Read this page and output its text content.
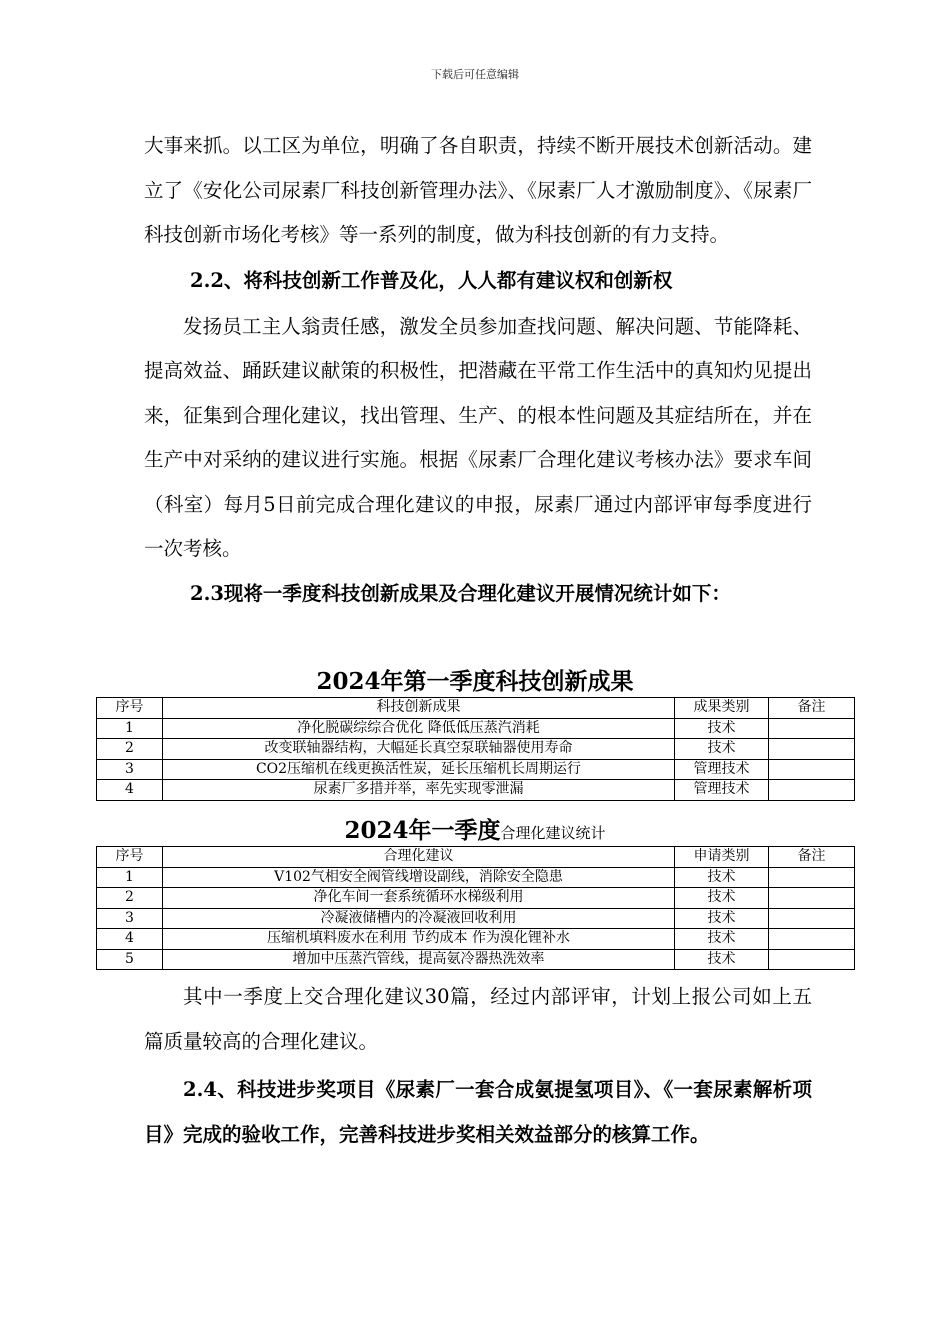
下载后可任意编辑

大事来抓。以工区为单位，明确了各自职责，持续不断开展技术创新活动。建立了《安化公司尿素厂科技创新管理办法》、《尿素厂人才激励制度》、《尿素厂科技创新市场化考核》等一系列的制度，做为科技创新的有力支持。

2.2、将科技创新工作普及化，人人都有建议权和创新权

发扬员工主人翁责任感，激发全员参加查找问题、解决问题、节能降耗、提高效益、踊跃建议献策的积极性，把潜藏在平常工作生活中的真知灼见提出来，征集到合理化建议，找出管理、生产、的根本性问题及其症结所在，并在生产中对采纳的建议进行实施。根据《尿素厂合理化建议考核办法》要求车间（科室）每月5日前完成合理化建议的申报，尿素厂通过内部评审每季度进行一次考核。

2.3现将一季度科技创新成果及合理化建议开展情况统计如下：

2024年第一季度科技创新成果
序号	科技创新成果	成果类别	备注
1	净化脱碳综综合优化 降低低压蒸汽消耗	技术	
2	改变联轴器结构，大幅延长真空泵联轴器使用寿命	技术	
3	CO2压缩机在线更换活性炭，延长压缩机长周期运行	管理技术	
4	尿素厂多措并举，率先实现零泄漏	管理技术	
2024年一季度合理化建议统计
序号	合理化建议	申请类别	备注
1	V102气相安全阀管线增设副线，消除安全隐患	技术	
2	净化车间一套系统循环水梯级利用	技术	
3	冷凝液储槽内的冷凝液回收利用	技术	
4	压缩机填料废水在利用 节约成本 作为溴化锂补水	技术	
5	增加中压蒸汽管线，提高氨冷器热洗效率	技术	

其中一季度上交合理化建议30篇，经过内部评审，计划上报公司如上五篇质量较高的合理化建议。

2.4、科技进步奖项目《尿素厂一套合成氨提氢项目》、《一套尿素解析项目》完成的验收工作，完善科技进步奖相关效益部分的核算工作。
